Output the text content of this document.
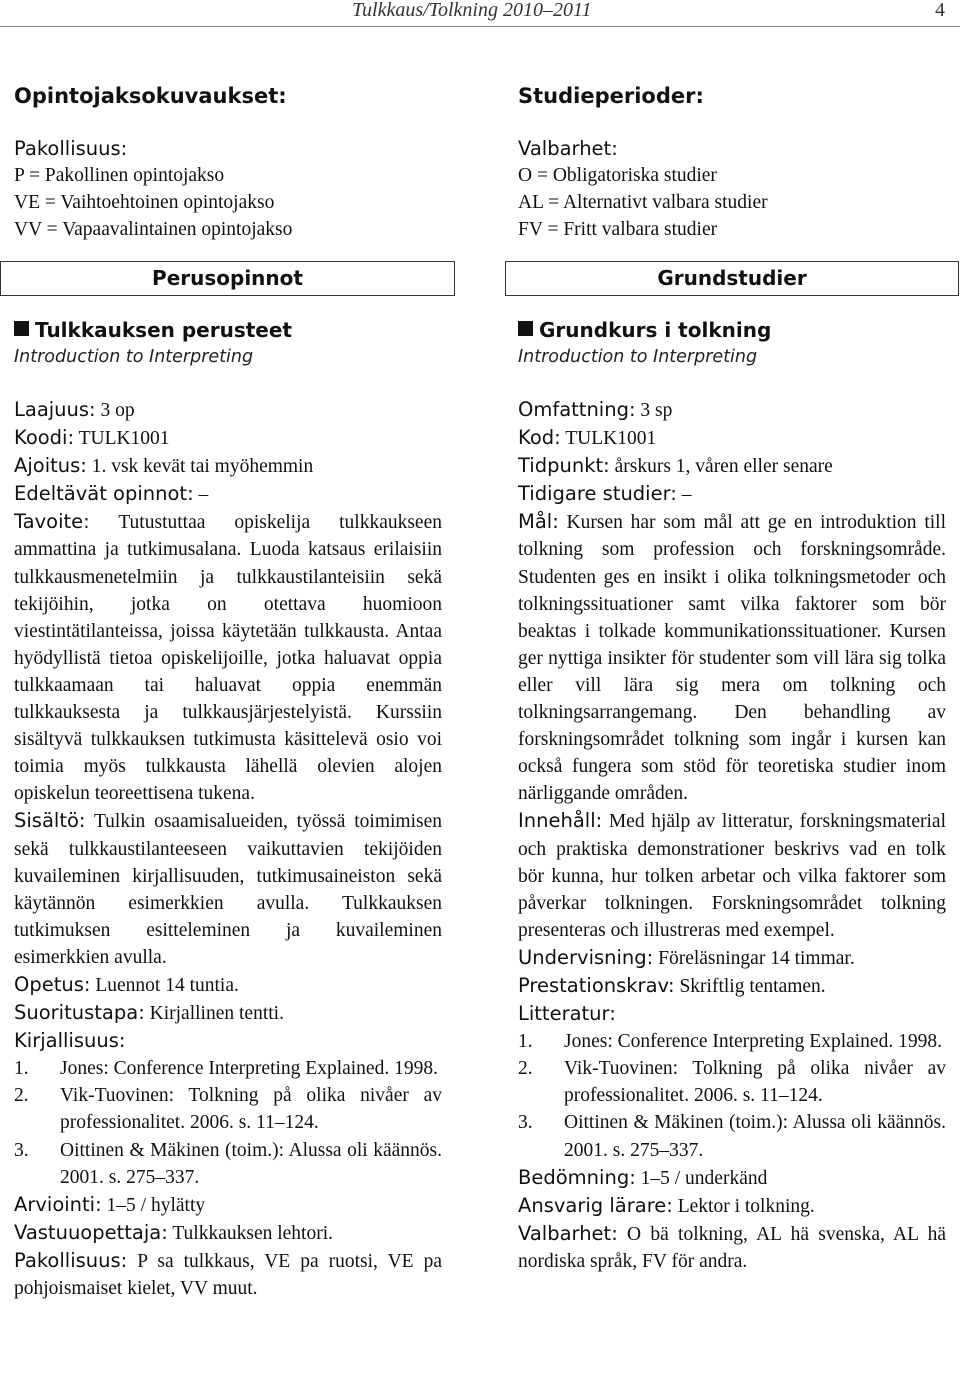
Tulkkaus/Tolkning 2010–2011	4
Opintojaksokuvaukset:
Pakollisuus:
P = Pakollinen opintojakso
VE = Vaihtoehtoinen opintojakso
VV = Vapaavalintainen opintojakso
Perusopinnot
Tulkkauksen perusteet
Introduction to Interpreting

Laajuus: 3 op

Koodi: TULK1001

Ajoitus: 1. vsk kevät tai myöhemmin

Edeltävät opinnot: –

Tavoite: Tutustuttaa opiskelija tulkkaukseen ammattina ja tutkimusalana. Luoda katsaus erilaisiin tulkkausmenetelmiin ja tulkkaustilanteisiin sekä tekijöihin, jotka on otettava huomioon viestintätilanteissa, joissa käytetään tulkkausta. Antaa hyödyllistä tietoa opiskelijoille, jotka haluavat oppia tulkkaamaan tai haluavat oppia enemmän tulkkauksesta ja tulkkausjärjestelyistä. Kurssiin sisältyvä tulkkauksen tutkimusta käsittelevä osio voi toimia myös tulkkausta lähellä olevien alojen opiskelun teoreettisena tukena.

Sisältö: Tulkin osaamisalueiden, työssä toimimisen sekä tulkkaustilanteeseen vaikuttavien tekijöiden kuvaileminen kirjallisuuden, tutkimusaineiston sekä käytännön esimerkkien avulla. Tulkkauksen tutkimuksen esitteleminen ja kuvaileminen esimerkkien avulla.

Opetus: Luennot 14 tuntia.

Suoritustapa: Kirjallinen tentti.

Kirjallisuus:

1. Jones: Conference Interpreting Explained. 1998.
2. Vik-Tuovinen: Tolkning på olika nivåer av professionalitet. 2006. s. 11–124.
3. Oittinen & Mäkinen (toim.): Alussa oli käännös. 2001. s. 275–337.

Arviointi: 1–5 / hylätty

Vastuuopettaja: Tulkkauksen lehtori.

Pakollisuus: P sa tulkkaus, VE pa ruotsi, VE pa pohjoismaiset kielet, VV muut.

Studieperioder:
Valbarhet:
O = Obligatoriska studier
AL = Alternativt valbara studier
FV = Fritt valbara studier
Grundstudier
Grundkurs i tolkning
Introduction to Interpreting

Omfattning: 3 sp

Kod: TULK1001

Tidpunkt: årskurs 1, våren eller senare

Tidigare studier: –

Mål: Kursen har som mål att ge en introduktion till tolkning som profession och forskningsområde. Studenten ges en insikt i olika tolkningsmetoder och tolkningssituationer samt vilka faktorer som bör beaktas i tolkade kommunikationssituationer. Kursen ger nyttiga insikter för studenter som vill lära sig tolka eller vill lära sig mera om tolkning och tolkningsarrangemang. Den behandling av forskningsområdet tolkning som ingår i kursen kan också fungera som stöd för teoretiska studier inom närliggande områden.

Innehåll: Med hjälp av litteratur, forskningsmaterial och praktiska demonstrationer beskrivs vad en tolk bör kunna, hur tolken arbetar och vilka faktorer som påverkar tolkningen. Forskningsområdet tolkning presenteras och illustreras med exempel.

Undervisning: Föreläsningar 14 timmar.

Prestationskrav: Skriftlig tentamen.

Litteratur:

1. Jones: Conference Interpreting Explained. 1998.
2. Vik-Tuovinen: Tolkning på olika nivåer av professionalitet. 2006. s. 11–124.
3. Oittinen & Mäkinen (toim.): Alussa oli käännös. 2001. s. 275–337.

Bedömning: 1–5 / underkänd

Ansvarig lärare: Lektor i tolkning.

Valbarhet: O bä tolkning, AL hä svenska, AL hä nordiska språk, FV för andra.
